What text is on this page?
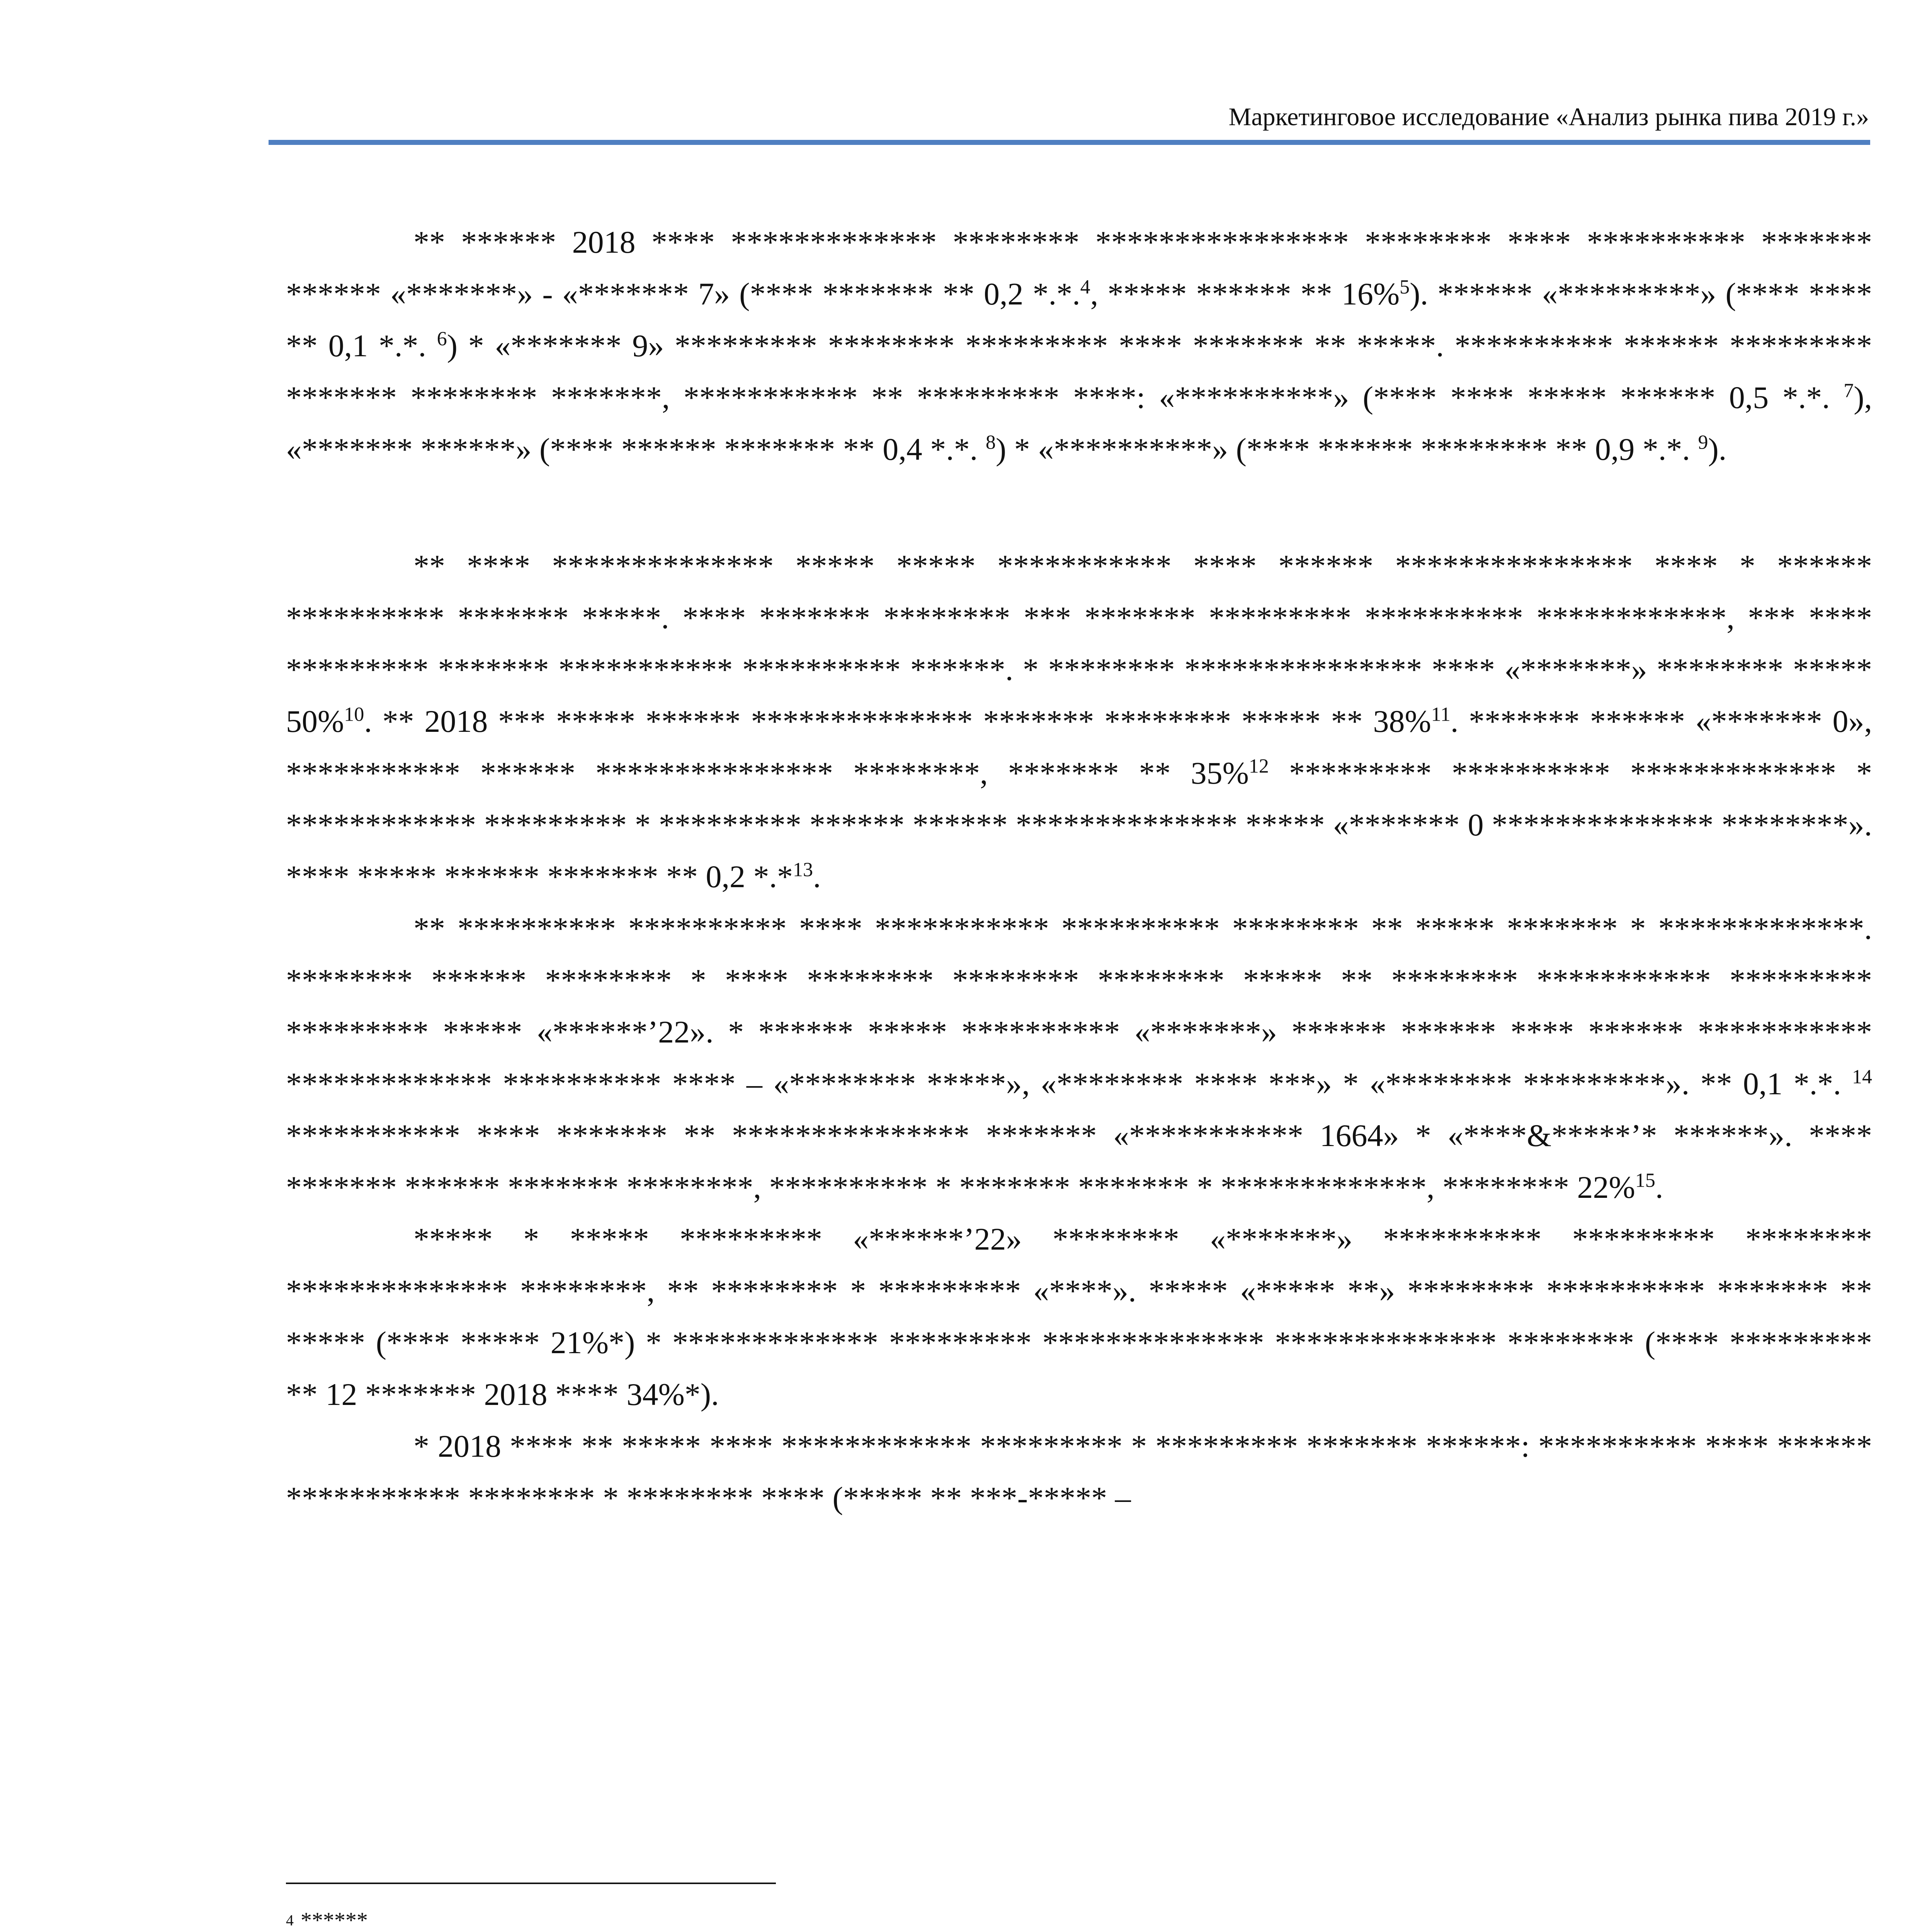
Маркетинговое исследование «Анализ рынка пива 2019 г.»

** ****** 2018 **** ************* ******** **************** ******** **** ********** ******* ****** «*******» - «******* 7» (**** ******* ** 0,2 *.*.$^4$, ***** ****** ** 16%$^5$). ****** «*********» (**** **** ** 0,1 *.*. $^6$) * «******* 9» ********* ******** ********* **** ******* ** *****. ********** ****** ********* ******* ******** *******, *********** ** ********* ****: «**********» (**** **** ***** ****** 0,5 *.*. $^7$), «******* ******» (**** ****** ******* ** 0,4 *.*. $^8$) * «**********» (**** ****** ******** ** 0,9 *.*. $^9$).

** **** ************** ***** ***** *********** **** ****** *************** **** * ****** ********** ******* *****. **** ******* ******** *** ******* ********* ********** ************, *** **** ********* ******* *********** ********** ******. * ******** *************** **** «*******» ******** ***** 50%$^{10}$. ** 2018 *** ***** ****** ************** ******* ******** ***** ** 38%$^{11}$. ******* ****** «******* 0», *********** ****** *************** ********, ******* ** 35%$^{12}$ ********* ********** ************* * ************ ********* * ********* ****** ****** ************** ***** «******* 0 ************** ********». **** ***** ****** ******* ** 0,2 *.*$^{13}$.

** ********** ********** **** *********** ********** ******** ** ***** ******* * *************. ******** ****** ******** * **** ******** ******** ******** ***** ** ******** *********** ********* ********* ***** «******’22». * ****** ***** ********** «*******» ****** ****** **** ****** *********** ************* ********** **** – «******** *****», «******** **** ***» * «******** *********». ** 0,1 *.*. $^{14}$ *********** **** ******* ** *************** ******* «*********** 1664» * «****&*****’* ******». **** ******* ****** ******* ********, ********** * ******* ******* * *************, ******** 22%$^{15}$.

***** * ***** ********* «******’22» ******** «*******» ********** ********* ******** ************** ********, ** ******** * ********* «****». ***** «***** **» ******** ********** ******* ** ***** (**** ***** 21%*) * ************* ********* ************** ************** ******** (**** ********* ** 12 ******* 2018 **** 34%*).

* 2018 **** ** ***** **** ************ ********* * ********* ******* ******: ********** **** ****** *********** ******** * ******** **** (***** ** ***-***** –

$^4$ ******
